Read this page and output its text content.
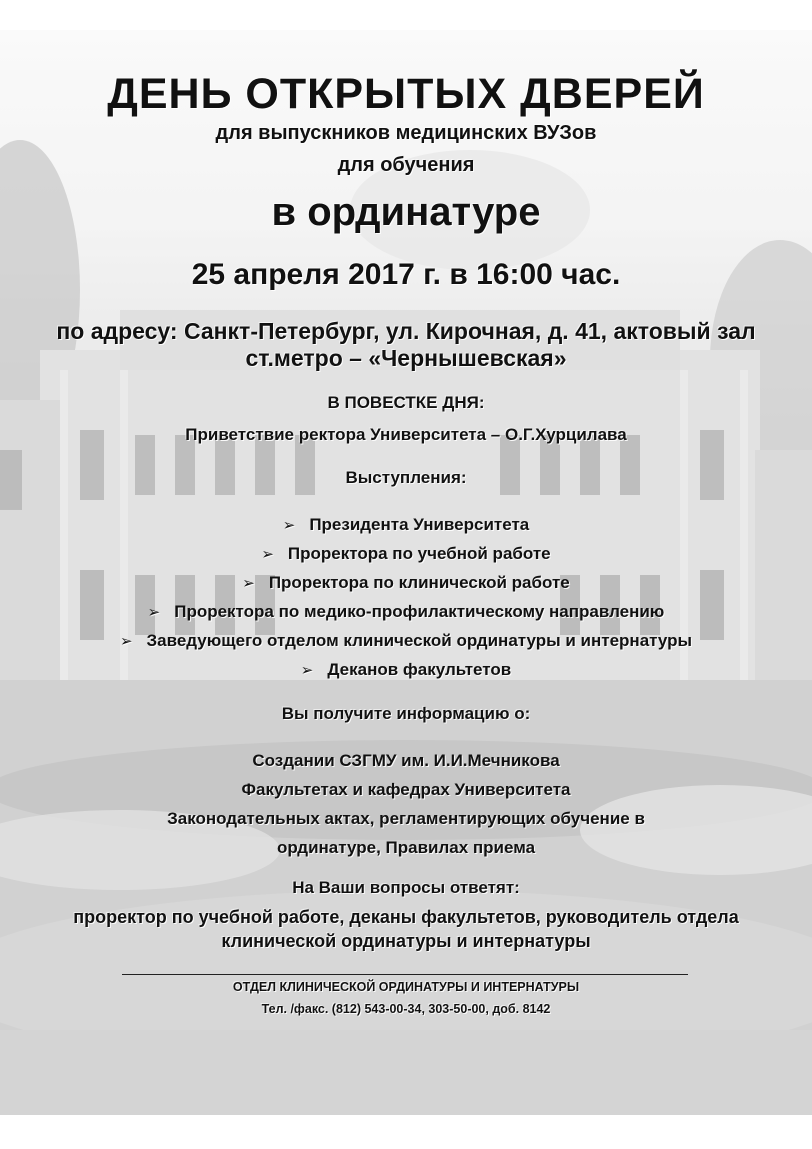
ДЕНЬ ОТКРЫТЫХ ДВЕРЕЙ
для выпускников медицинских ВУЗов
для обучения
в ординатуре
25 апреля 2017 г. в 16:00 час.
по адресу: Санкт-Петербург, ул. Кирочная, д. 41, актовый зал
ст.метро – «Чернышевская»
В ПОВЕСТКЕ ДНЯ:
Приветствие ректора Университета – О.Г.Хурцилава
Выступления:
➢ Президента Университета
➢ Проректора по учебной работе
➢ Проректора по клинической работе
➢ Проректора по медико-профилактическому направлению
➢ Заведующего отделом клинической ординатуры и интернатуры
➢ Деканов факультетов
Вы получите информацию о:
Создании СЗГМУ им. И.И.Мечникова
Факультетах и кафедрах Университета
Законодательных актах, регламентирующих обучение в
ординатуре, Правилах приема
На Ваши вопросы ответят:
проректор по учебной работе, деканы факультетов, руководитель отдела
клинической ординатуры и интернатуры
ОТДЕЛ КЛИНИЧЕСКОЙ ОРДИНАТУРЫ И ИНТЕРНАТУРЫ
Тел. /факс. (812) 543-00-34, 303-50-00, доб. 8142
